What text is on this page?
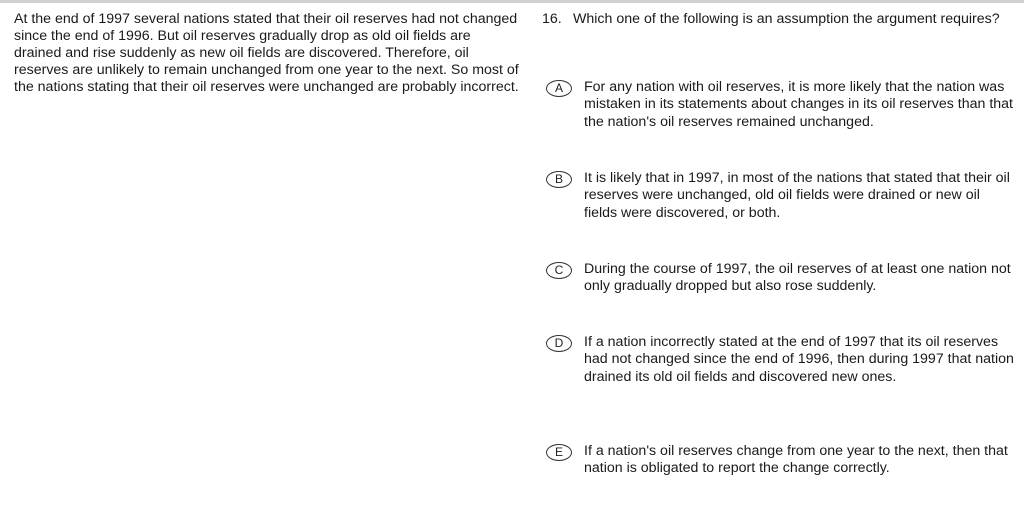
At the end of 1997 several nations stated that their oil reserves had not changed since the end of 1996. But oil reserves gradually drop as old oil fields are drained and rise suddenly as new oil fields are discovered. Therefore, oil reserves are unlikely to remain unchanged from one year to the next. So most of the nations stating that their oil reserves were unchanged are probably incorrect.
16. Which one of the following is an assumption the argument requires?
A	For any nation with oil reserves, it is more likely that the nation was mistaken in its statements about changes in its oil reserves than that the nation's oil reserves remained unchanged.
B	It is likely that in 1997, in most of the nations that stated that their oil reserves were unchanged, old oil fields were drained or new oil fields were discovered, or both.
C	During the course of 1997, the oil reserves of at least one nation not only gradually dropped but also rose suddenly.
D	If a nation incorrectly stated at the end of 1997 that its oil reserves had not changed since the end of 1996, then during 1997 that nation drained its old oil fields and discovered new ones.
E	If a nation's oil reserves change from one year to the next, then that nation is obligated to report the change correctly.
